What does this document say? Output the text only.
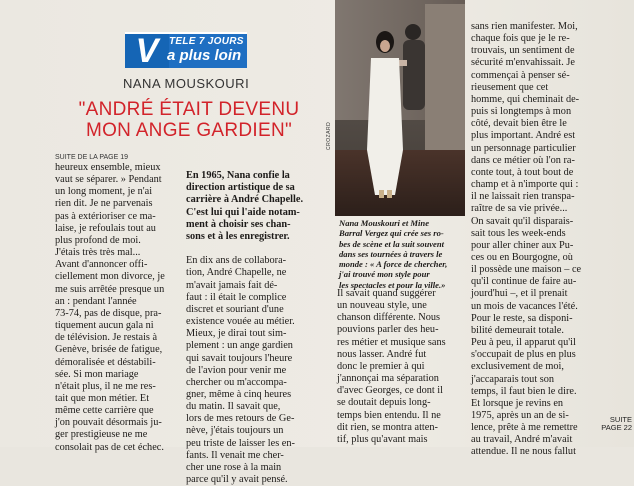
V	TELE 7 JOURS
a plus loin
NANA MOUSKOURI
"ANDRÉ ÉTAIT DEVENU
MON ANGE GARDIEN"
SUITE DE LA PAGE 19
heureux ensemble, mieux
vaut se séparer. » Pendant
un long moment, je n'ai
rien dit. Je ne parvenais
pas à extérioriser ce ma-
laise, je refoulais tout au
plus profond de moi.
J'étais très très mal...
Avant d'annoncer offi-
ciellement mon divorce, je
me suis arrêtée presque un
an : pendant l'année
73-74, pas de disque, pra-
tiquement aucun gala ni
de télévision. Je restais à
Genève, brisée de fatigue,
démoralisée et déstabili-
sée. Si mon mariage
n'était plus, il ne me res-
tait que mon métier. Et
même cette carrière que
j'on pouvait désormais ju-
ger prestigieuse ne me
consolait pas de cet échec.

En 1965, Nana confie la
direction artistique de sa
carrière à André Chapelle.
C'est lui qui l'aide notam-
ment à choisir ses chan-
sons et à les enregistrer.

En dix ans de collabora-
tion, André Chapelle, ne
m'avait jamais fait dé-
faut : il était le complice
discret et souriant d'une
existence vouée au métier.
Mieux, je dirai tout sim-
plement : un ange gardien
qui savait toujours l'heure
de l'avion pour venir me
chercher ou m'accompa-
gner, même à cinq heures
du matin. Il savait que,
lors de mes retours de Ge-
nève, j'étais toujours un
peu triste de laisser les en-
fants. Il venait me cher-
cher une rose à la main
parce qu'il y avait pensé.

CROZARD
Nana Mouskouri et Mine
Barral Vergez qui crée ses ro-
bes de scène et la suit souvent
dans ses tournées à travers le
monde : « A force de chercher,
j'ai trouvé mon style pour
les spectacles et pour la ville.»
Il savait quand suggérer
un nouveau style, une
chanson différente. Nous
pouvions parler des heu-
res métier et musique sans
nous lasser. André fut
donc le premier à qui
j'annonçai ma séparation
d'avec Georges, ce dont il
se doutait depuis long-
temps bien entendu. Il ne
dit rien, se montra atten-
tif, plus qu'avant mais
sans rien manifester. Moi,
chaque fois que je le re-
trouvais, un sentiment de
sécurité m'envahissait. Je
commençai à penser sé-
rieusement que cet
homme, qui cheminait de-
puis si longtemps à mon
côté, devait bien être le
plus important. André est
un personnage particulier
dans ce métier où l'on ra-
conte tout, à tout bout de
champ et à n'importe qui :
il ne laissait rien transpa-
raître de sa vie privée...
On savait qu'il disparais-
sait tous les week-ends
pour aller chiner aux Pu-
ces ou en Bourgogne, où
il possède une maison – ce
qu'il continue de faire au-
jourd'hui –, et il prenait
un mois de vacances l'été.
Pour le reste, sa disponi-
bilité demeurait totale.
Peu à peu, il apparut qu'il
s'occupait de plus en plus
exclusivement de moi,
j'accaparais tout son
temps, il faut bien le dire.
Et lorsque je revins en
1975, après un an de si-
lence, prête à me remettre
au travail, André m'avait
attendue. Il ne nous fallut
SUITE
PAGE 22
